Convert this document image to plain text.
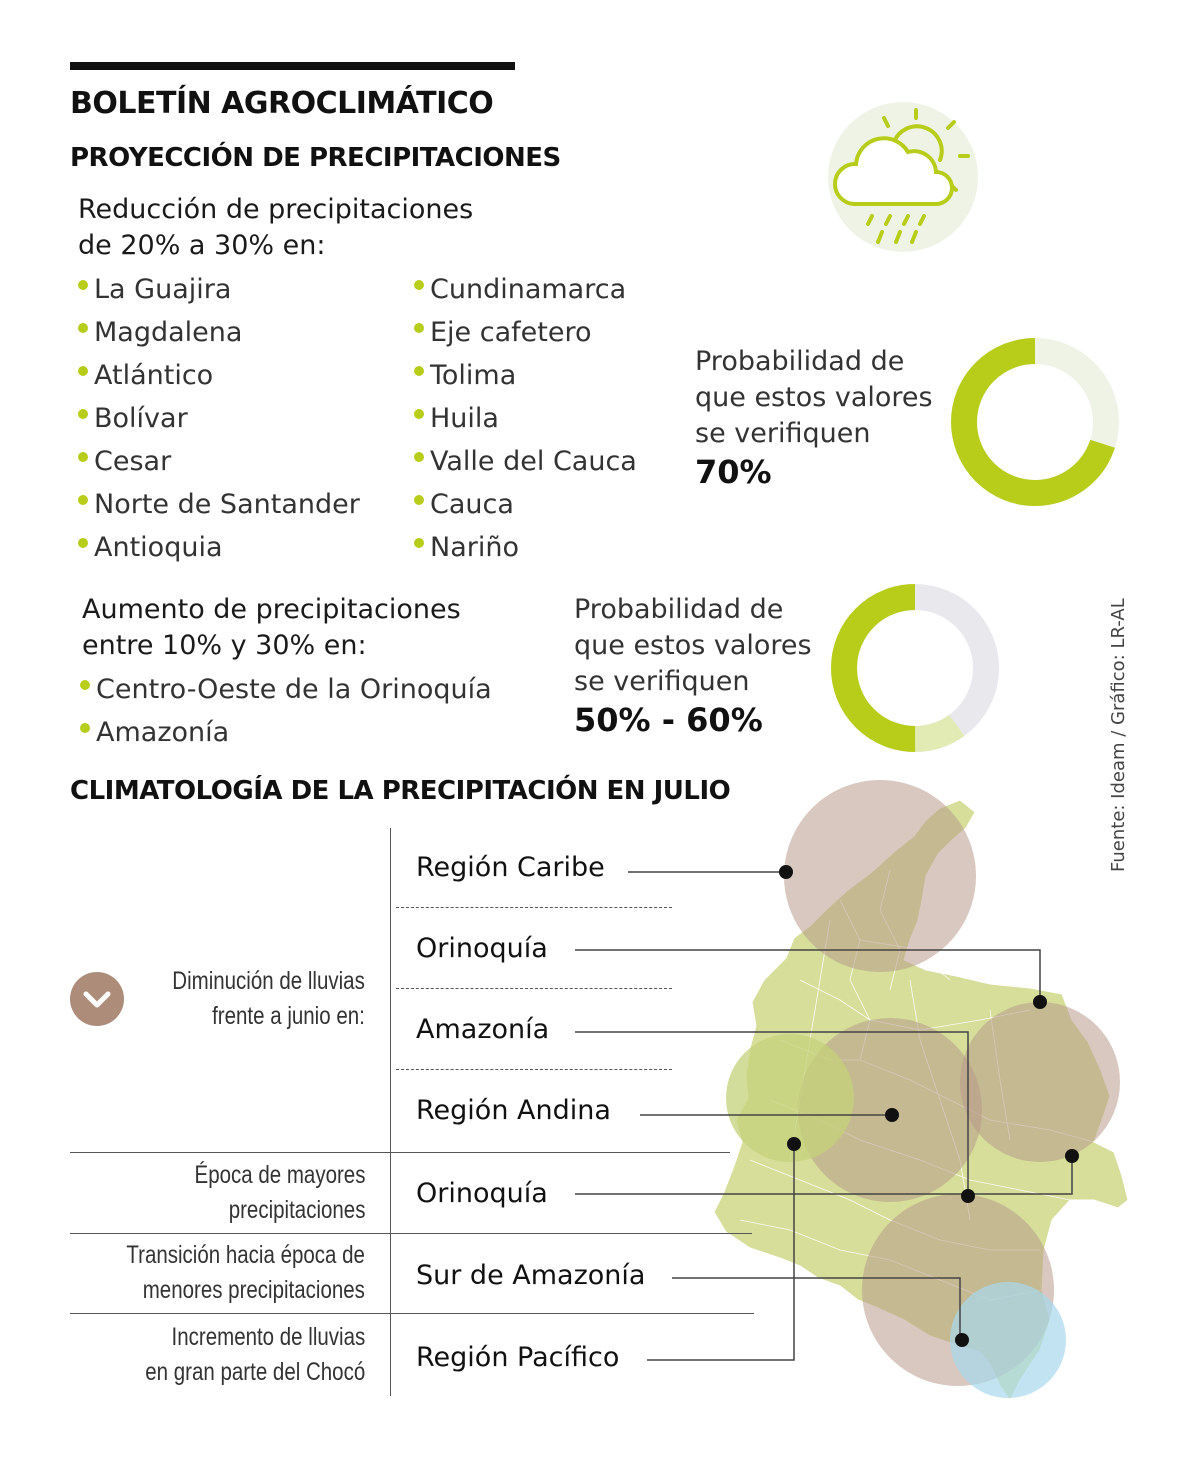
BOLETÍN AGROCLIMÁTICO
PROYECCIÓN DE PRECIPITACIONES
Reducción de precipitaciones
de 20% a 30% en:
La Guajira
Magdalena
Atlántico
Bolívar
Cesar
Norte de Santander
Antioquia
Cundinamarca
Eje cafetero
Tolima
Huila
Valle del Cauca
Cauca
Nariño
Probabilidad de
que estos valores
se verifiquen
70%
Aumento de precipitaciones
entre 10% y 30% en:
Centro-Oeste de la Orinoquía
Amazonía
Probabilidad de
que estos valores
se verifiquen
50% - 60%	Fuente: Ideam / Gráfico: LR-AL
CLIMATOLOGÍA DE LA PRECIPITACIÓN EN JULIO
Diminución de lluvias
frente a junio en:
Región Caribe
Orinoquía
Amazonía
Región Andina
Época de mayores
precipitaciones
Orinoquía
Transición hacia época de
menores precipitaciones Sur de Amazonía
Incremento de lluvias
en gran parte del Chocó Región Pacífico
